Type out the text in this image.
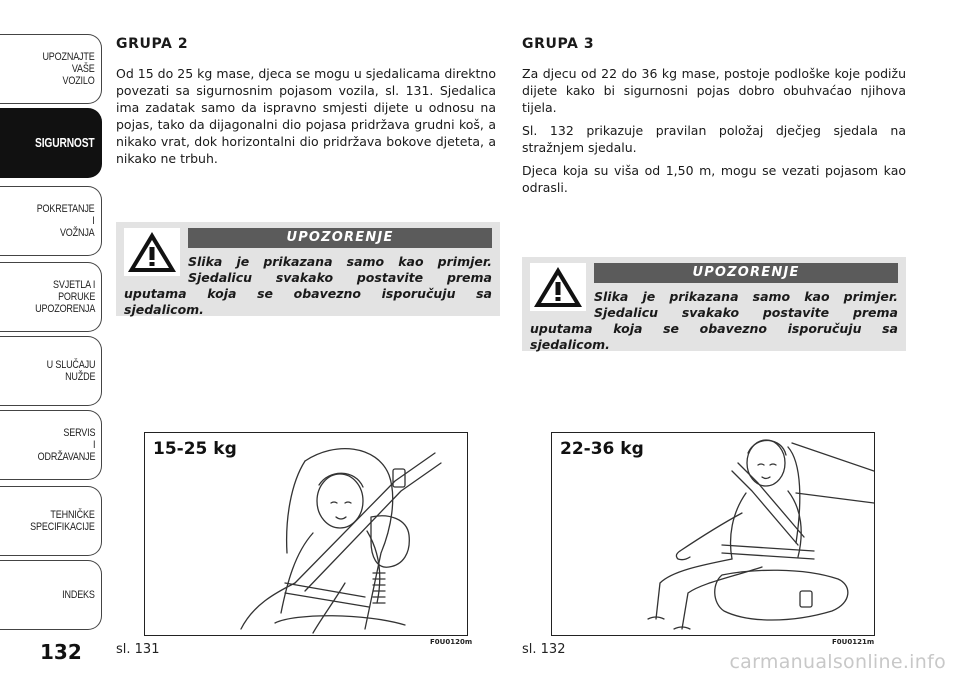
UPOZNAJTE
VAŠE
VOZILO
SIGURNOST
POKRETANJE
I
VOŽNJA
SVJETLA I
PORUKE
UPOZORENJA
U SLUČAJU
NUŽDE
SERVIS
I
ODRŽAVANJE
TEHNIČKE
SPECIFIKACIJE
INDEKS
132
GRUPA 2

Od 15 do 25 kg mase, djeca se mogu u sjedalicama direktno povezati sa sigurnosnim pojasom vozila, sl. 131. Sjedalica ima zadatak samo da ispravno smjesti dijete u odnosu na pojas, tako da dijagonalni dio pojasa pridržava grudni koš, a nikako vrat, dok horizontalni dio pridržava bokove djeteta, a nikako ne trbuh.

UPOZORENJE

Slika je prikazana samo kao primjer. Sjedalicu svakako postavite prema uputama koja se obavezno isporučuju sa sjedalicom.

15-25 kg
sl. 131	F0U0120m
GRUPA 3

Za djecu od 22 do 36 kg mase, postoje podloške koje podižu dijete kako bi sigurnosni pojas dobro obuhvaćao njihova tijela.

Sl. 132 prikazuje pravilan položaj dječjeg sjedala na stražnjem sjedalu.

Djeca koja su viša od 1,50 m, mogu se vezati pojasom kao odrasli.

UPOZORENJE

Slika je prikazana samo kao primjer. Sjedalicu svakako postavite prema uputama koja se obavezno isporučuju sa sjedalicom.

22-36 kg
sl. 132	F0U0121m
carmanualsonline.info
